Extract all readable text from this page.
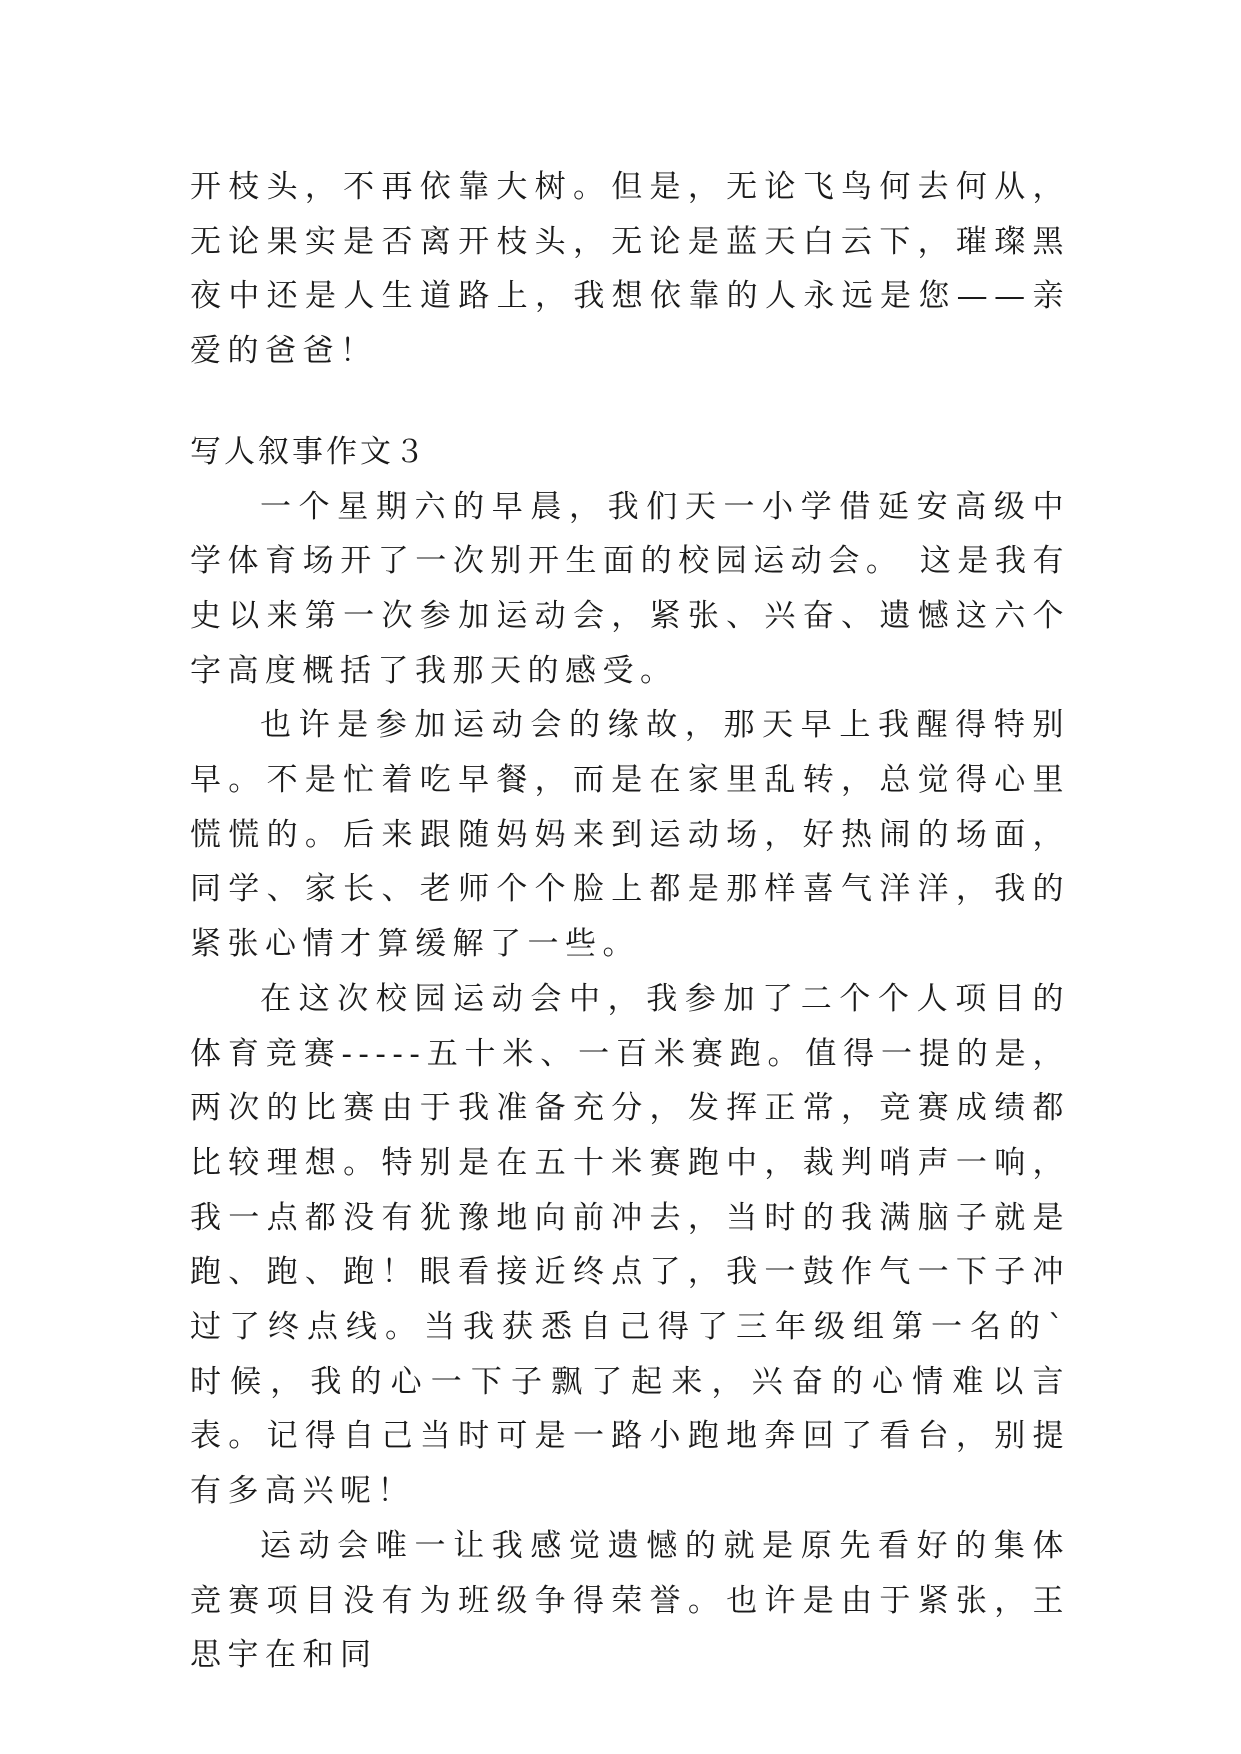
开枝头，不再依靠大树。但是，无论飞鸟何去何从，无论果实是否离开枝头，无论是蓝天白云下，璀璨黑夜中还是人生道路上，我想依靠的人永远是您——亲爱的爸爸！

写人叙事作文３

一个星期六的早晨，我们天一小学借延安高级中学体育场开了一次别开生面的校园运动会。 这是我有史以来第一次参加运动会，紧张、兴奋、遗憾这六个字高度概括了我那天的感受。

也许是参加运动会的缘故，那天早上我醒得特别早。不是忙着吃早餐，而是在家里乱转，总觉得心里慌慌的。后来跟随妈妈来到运动场，好热闹的场面，同学、家长、老师个个脸上都是那样喜气洋洋，我的紧张心情才算缓解了一些。

在这次校园运动会中，我参加了二个个人项目的体育竞赛-----五十米、一百米赛跑。值得一提的是，两次的比赛由于我准备充分，发挥正常，竞赛成绩都比较理想。特别是在五十米赛跑中，裁判哨声一响，我一点都没有犹豫地向前冲去，当时的我满脑子就是跑、跑、跑！眼看接近终点了，我一鼓作气一下子冲过了终点线。当我获悉自己得了三年级组第一名的`时候，我的心一下子飘了起来，兴奋的心情难以言表。记得自己当时可是一路小跑地奔回了看台，别提有多高兴呢！

运动会唯一让我感觉遗憾的就是原先看好的集体竞赛项目没有为班级争得荣誉。也许是由于紧张，王思宇在和同
